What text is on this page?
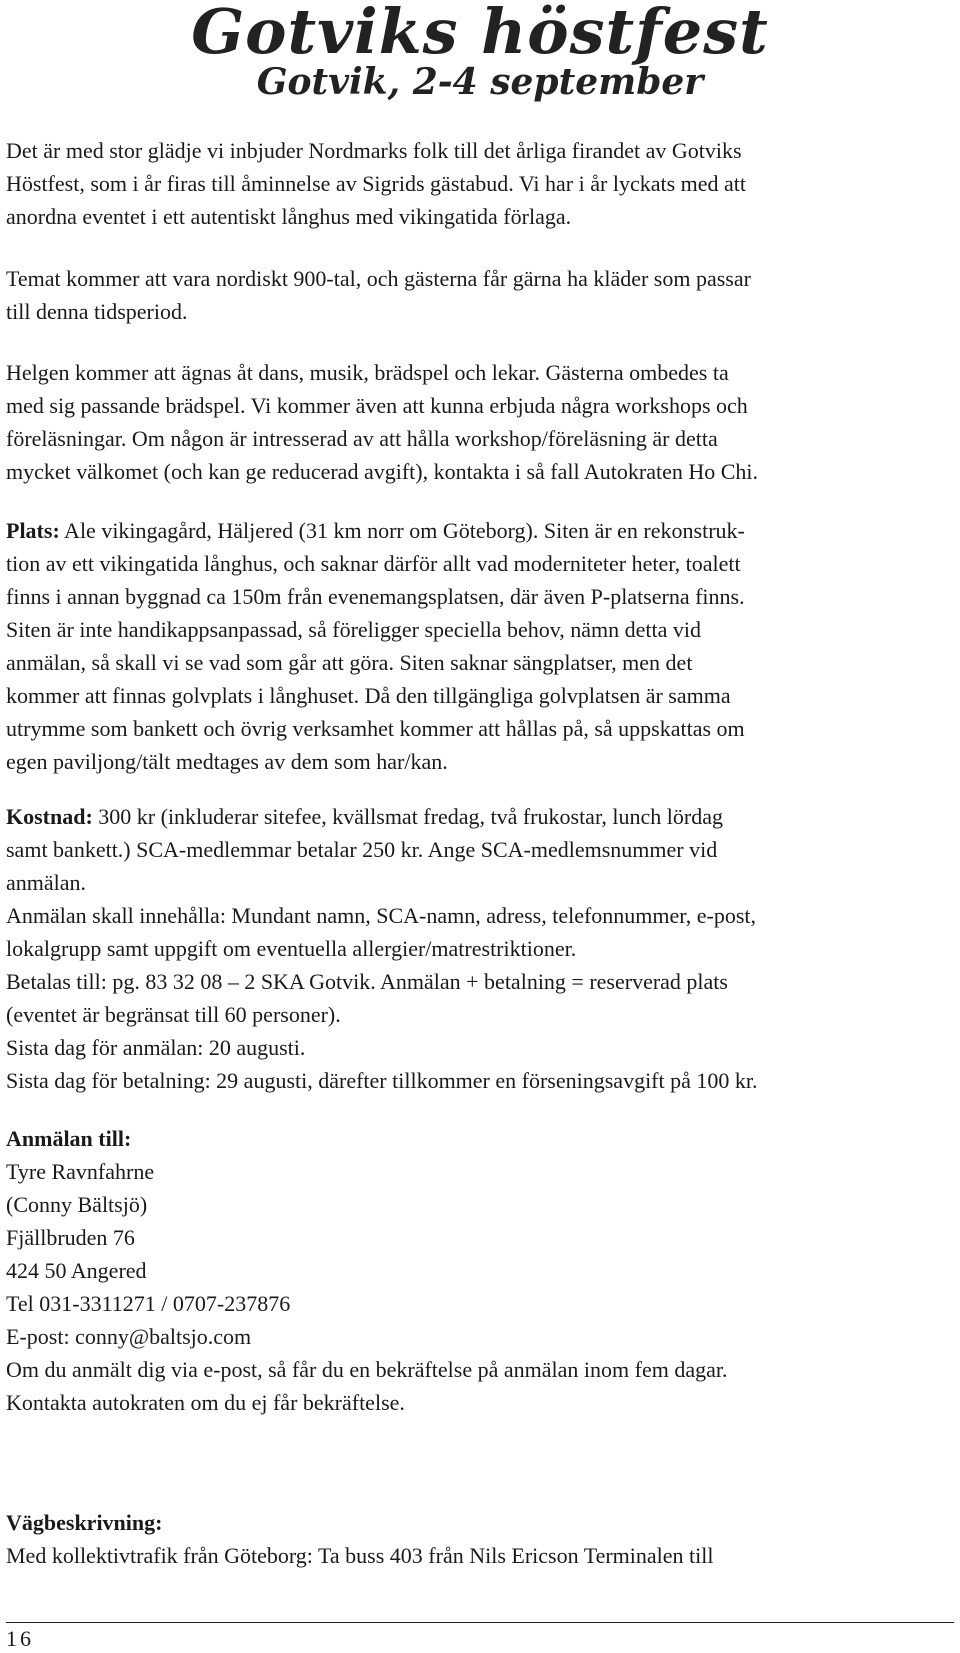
Gotviks höstfest
Gotvik, 2-4 september
Det är med stor glädje vi inbjuder Nordmarks folk till det årliga firandet av Gotviks
Höstfest, som i år firas till åminnelse av Sigrids gästabud. Vi har i år lyckats med att
anordna eventet i ett autentiskt långhus med vikingatida förlaga.
Temat kommer att vara nordiskt 900-tal, och gästerna får gärna ha kläder som passar
till denna tidsperiod.
Helgen kommer att ägnas åt dans, musik, brädspel och lekar. Gästerna ombedes ta
med sig passande brädspel. Vi kommer även att kunna erbjuda några workshops och
föreläsningar. Om någon är intresserad av att hålla workshop/föreläsning är detta
mycket välkomet (och kan ge reducerad avgift), kontakta i så fall Autokraten Ho Chi.
Plats: Ale vikingagård, Häljered (31 km norr om Göteborg). Siten är en rekonstruk-
tion av ett vikingatida långhus, och saknar därför allt vad moderniteter heter, toalett
finns i annan byggnad ca 150m från evenemangsplatsen, där även P-platserna finns.
Siten är inte handikappsanpassad, så föreligger speciella behov, nämn detta vid
anmälan, så skall vi se vad som går att göra. Siten saknar sängplatser, men det
kommer att finnas golvplats i långhuset. Då den tillgängliga golvplatsen är samma
utrymme som bankett och övrig verksamhet kommer att hållas på, så uppskattas om
egen paviljong/tält medtages av dem som har/kan.
Kostnad: 300 kr (inkluderar sitefee, kvällsmat fredag, två frukostar, lunch lördag
samt bankett.) SCA-medlemmar betalar 250 kr. Ange SCA-medlemsnummer vid
anmälan.
Anmälan skall innehålla: Mundant namn, SCA-namn, adress, telefonnummer, e-post,
lokalgrupp samt uppgift om eventuella allergier/matrestriktioner.
Betalas till: pg. 83 32 08 – 2 SKA Gotvik. Anmälan + betalning = reserverad plats
(eventet är begränsat till 60 personer).
Sista dag för anmälan: 20 augusti.
Sista dag för betalning: 29 augusti, därefter tillkommer en förseningsavgift på 100 kr.
Anmälan till:
Tyre Ravnfahrne
(Conny Bältsjö)
Fjällbruden 76
424 50 Angered
Tel 031-3311271 / 0707-237876
E-post: conny@baltsjo.com
Om du anmält dig via e-post, så får du en bekräftelse på anmälan inom fem dagar.
Kontakta autokraten om du ej får bekräftelse.
Vägbeskrivning:
Med kollektivtrafik från Göteborg: Ta buss 403 från Nils Ericson Terminalen till
16
